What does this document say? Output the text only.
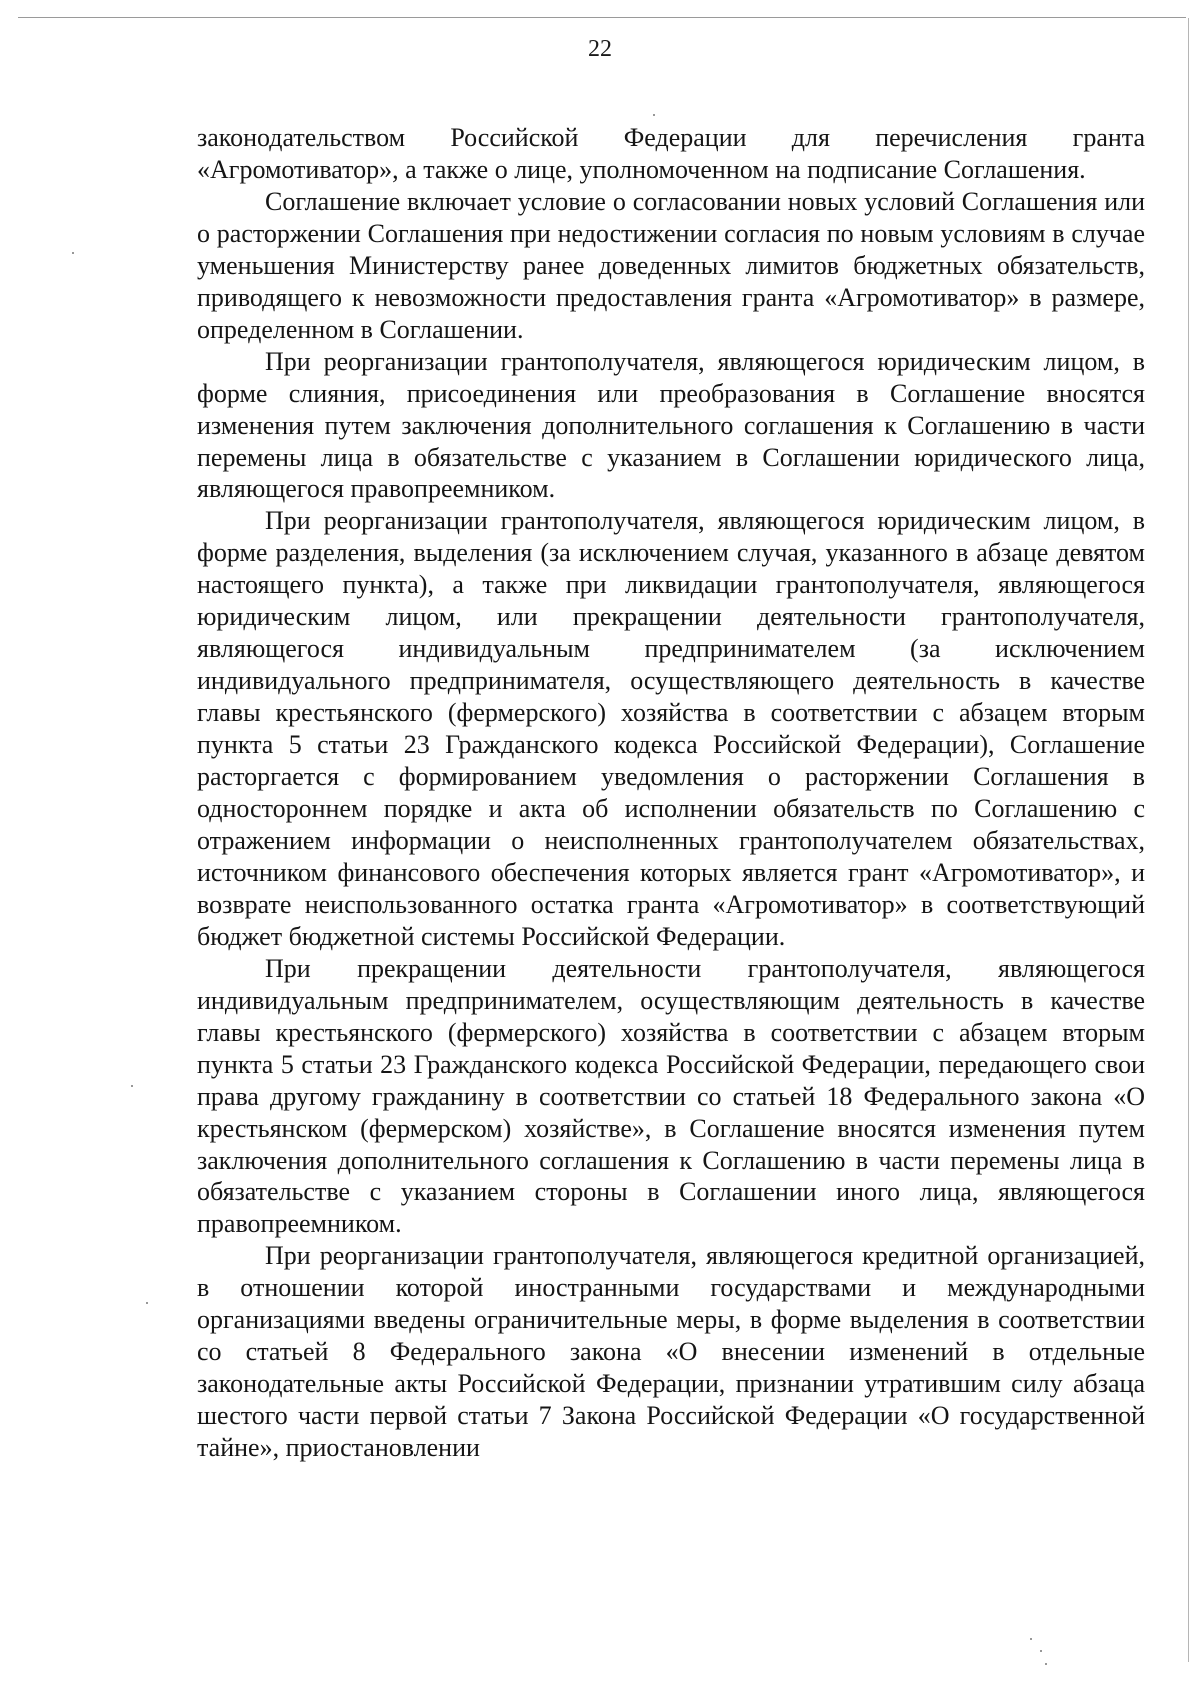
22

законодательством Российской Федерации для перечисления гранта «Агромотиватор», а также о лице, уполномоченном на подписание Соглашения.

Соглашение включает условие о согласовании новых условий Соглашения или о расторжении Соглашения при недостижении согласия по новым условиям в случае уменьшения Министерству ранее доведенных лимитов бюджетных обязательств, приводящего к невозможности предоставления гранта «Агромотиватор» в размере, определенном в Соглашении.

При реорганизации грантополучателя, являющегося юридическим лицом, в форме слияния, присоединения или преобразования в Соглашение вносятся изменения путем заключения дополнительного соглашения к Соглашению в части перемены лица в обязательстве с указанием в Соглашении юридического лица, являющегося правопреемником.

При реорганизации грантополучателя, являющегося юридическим лицом, в форме разделения, выделения (за исключением случая, указанного в абзаце девятом настоящего пункта), а также при ликвидации грантополучателя, являющегося юридическим лицом, или прекращении деятельности грантополучателя, являющегося индивидуальным предпринимателем (за исключением индивидуального предпринимателя, осуществляющего деятельность в качестве главы крестьянского (фермерского) хозяйства в соответствии с абзацем вторым пункта 5 статьи 23 Гражданского кодекса Российской Федерации), Соглашение расторгается с формированием уведомления о расторжении Соглашения в одностороннем порядке и акта об исполнении обязательств по Соглашению с отражением информации о неисполненных грантополучателем обязательствах, источником финансового обеспечения которых является грант «Агромотиватор», и возврате неиспользованного остатка гранта «Агромотиватор» в соответствующий бюджет бюджетной системы Российской Федерации.

При прекращении деятельности грантополучателя, являющегося индивидуальным предпринимателем, осуществляющим деятельность в качестве главы крестьянского (фермерского) хозяйства в соответствии с абзацем вторым пункта 5 статьи 23 Гражданского кодекса Российской Федерации, передающего свои права другому гражданину в соответствии со статьей 18 Федерального закона «О крестьянском (фермерском) хозяйстве», в Соглашение вносятся изменения путем заключения дополнительного соглашения к Соглашению в части перемены лица в обязательстве с указанием стороны в Соглашении иного лица, являющегося правопреемником.

При реорганизации грантополучателя, являющегося кредитной организацией, в отношении которой иностранными государствами и международными организациями введены ограничительные меры, в форме выделения в соответствии со статьей 8 Федерального закона «О внесении изменений в отдельные законодательные акты Российской Федерации, признании утратившим силу абзаца шестого части первой статьи 7 Закона Российской Федерации «О государственной тайне», приостановлении
